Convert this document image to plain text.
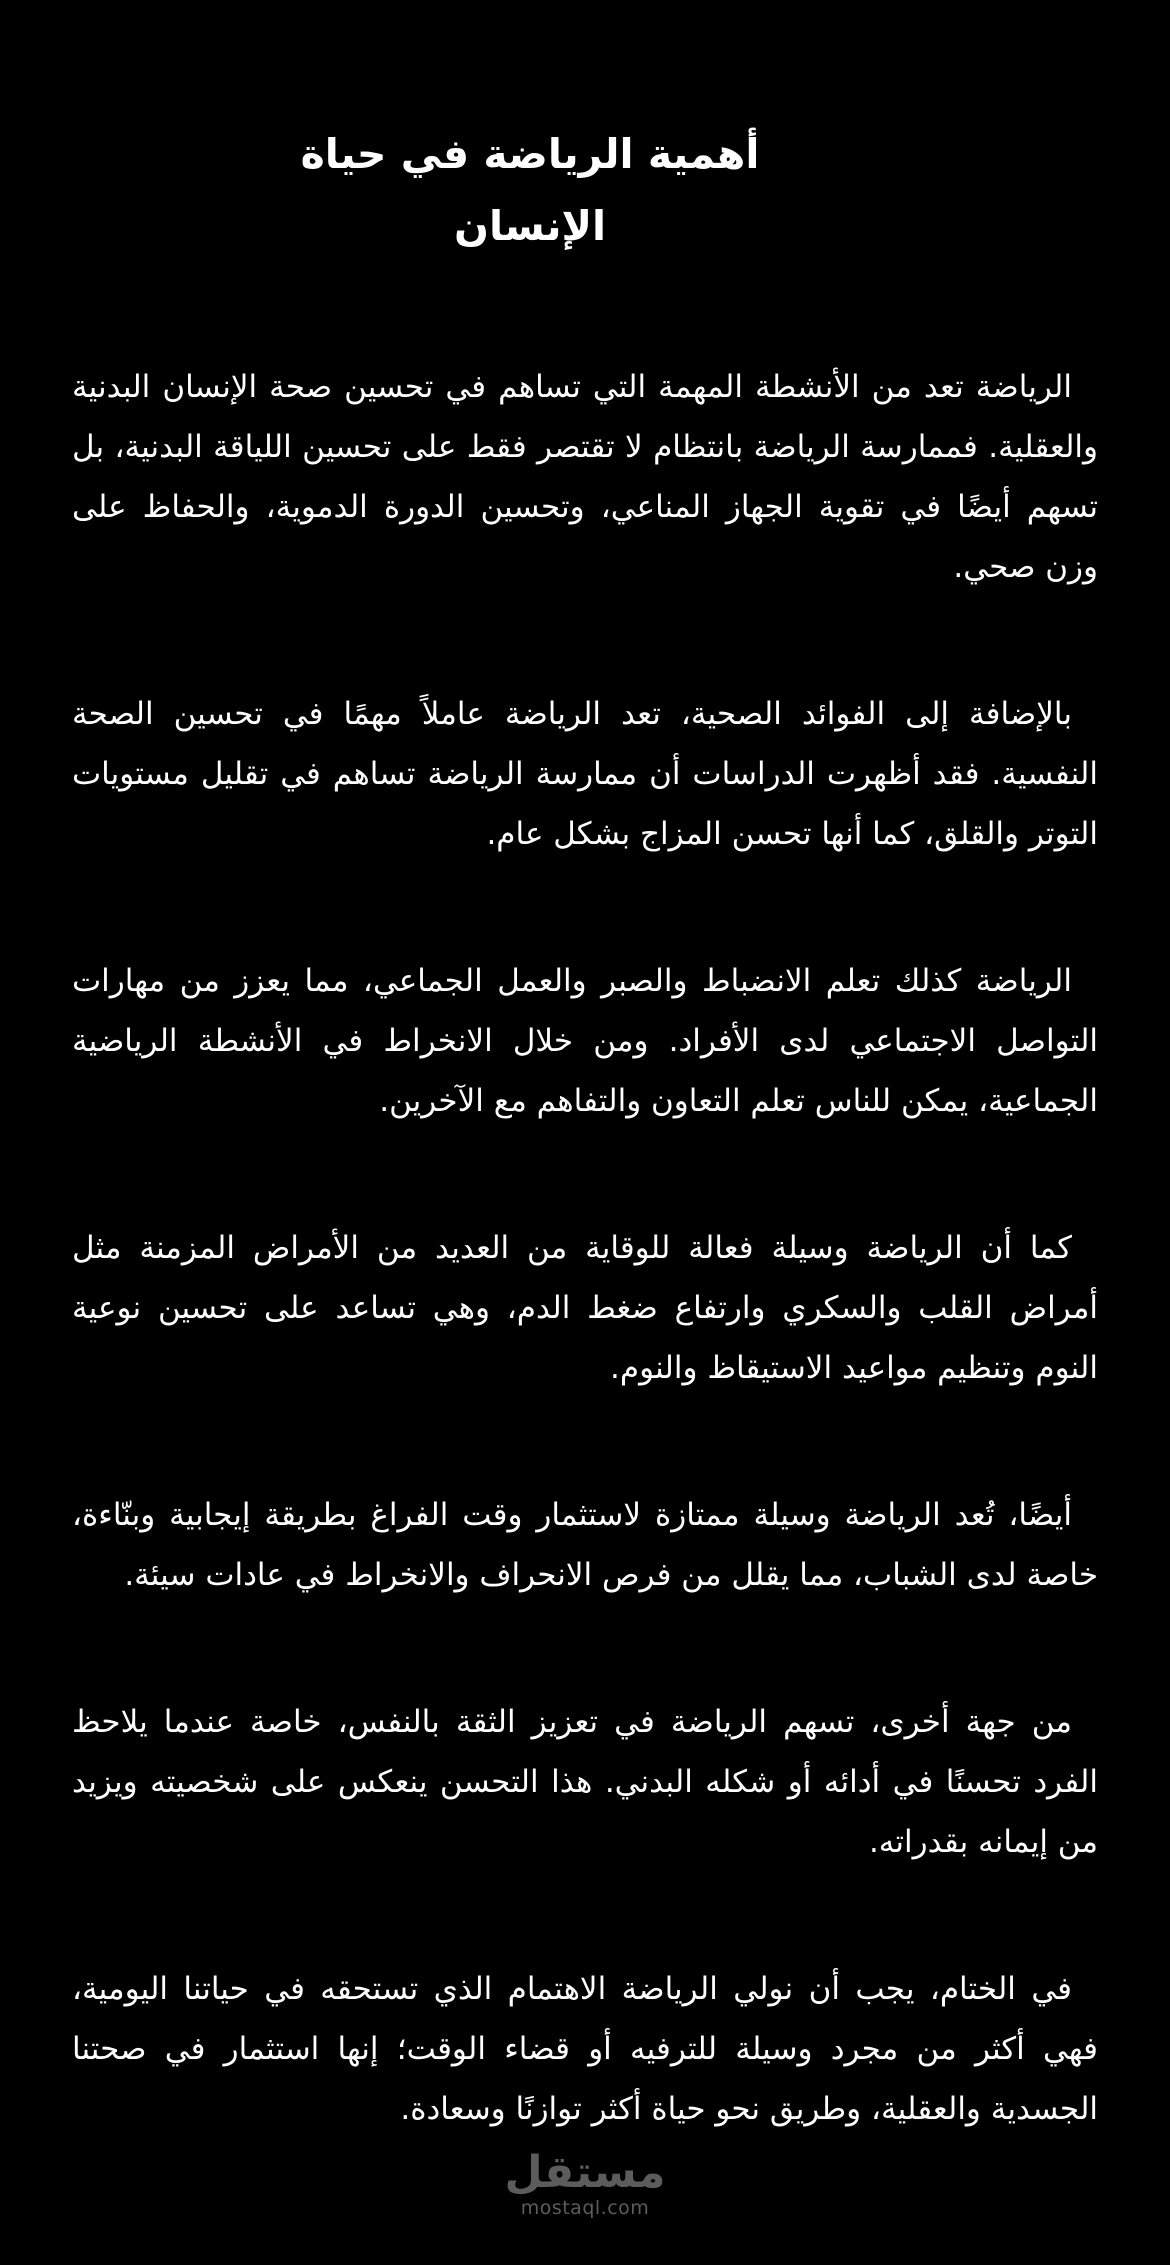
أهمية الرياضة في حياة الإنسان

الرياضة تعد من الأنشطة المهمة التي تساهم في تحسين صحة الإنسان البدنية والعقلية. فممارسة الرياضة بانتظام لا تقتصر فقط على تحسين اللياقة البدنية، بل تسهم أيضًا في تقوية الجهاز المناعي، وتحسين الدورة الدموية، والحفاظ على وزن صحي.

بالإضافة إلى الفوائد الصحية، تعد الرياضة عاملاً مهمًا في تحسين الصحة النفسية. فقد أظهرت الدراسات أن ممارسة الرياضة تساهم في تقليل مستويات التوتر والقلق، كما أنها تحسن المزاج بشكل عام.

الرياضة كذلك تعلم الانضباط والصبر والعمل الجماعي، مما يعزز من مهارات التواصل الاجتماعي لدى الأفراد. ومن خلال الانخراط في الأنشطة الرياضية الجماعية، يمكن للناس تعلم التعاون والتفاهم مع الآخرين.

كما أن الرياضة وسيلة فعالة للوقاية من العديد من الأمراض المزمنة مثل أمراض القلب والسكري وارتفاع ضغط الدم، وهي تساعد على تحسين نوعية النوم وتنظيم مواعيد الاستيقاظ والنوم.

أيضًا، تُعد الرياضة وسيلة ممتازة لاستثمار وقت الفراغ بطريقة إيجابية وبنّاءة، خاصة لدى الشباب، مما يقلل من فرص الانحراف والانخراط في عادات سيئة.

من جهة أخرى، تسهم الرياضة في تعزيز الثقة بالنفس، خاصة عندما يلاحظ الفرد تحسنًا في أدائه أو شكله البدني. هذا التحسن ينعكس على شخصيته ويزيد من إيمانه بقدراته.

في الختام، يجب أن نولي الرياضة الاهتمام الذي تستحقه في حياتنا اليومية، فهي أكثر من مجرد وسيلة للترفيه أو قضاء الوقت؛ إنها استثمار في صحتنا الجسدية والعقلية، وطريق نحو حياة أكثر توازنًا وسعادة.

مستقل
mostaql.com
